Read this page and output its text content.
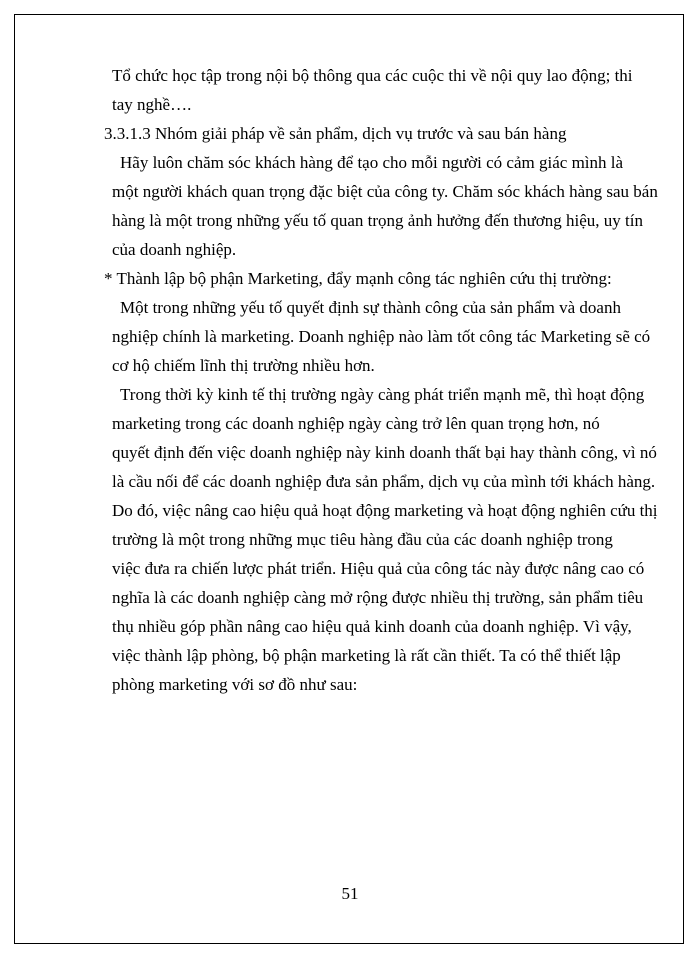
Tổ chức học tập trong nội bộ thông qua các cuộc thi về nội quy lao động; thi
tay nghề….
3.3.1.3 Nhóm giải pháp về sản phẩm, dịch vụ trước và sau bán hàng
Hãy luôn chăm sóc khách hàng để tạo cho mỗi người có cảm giác mình là
một người khách quan trọng đặc biệt của công ty. Chăm sóc khách hàng sau bán
hàng là một trong những yếu tố quan trọng ảnh hưởng đến thương hiệu, uy tín
của doanh nghiệp.
* Thành lập bộ phận Marketing, đẩy mạnh công tác nghiên cứu thị trường:
Một trong những yếu tố quyết định sự thành công của sản phẩm và doanh
nghiệp chính là marketing. Doanh nghiệp nào làm tốt công tác Marketing sẽ có
cơ hộ chiếm lĩnh thị trường nhiều hơn.
Trong thời kỳ kinh tế thị trường ngày càng phát triển mạnh mẽ, thì hoạt động
marketing trong các doanh nghiệp ngày càng trở lên quan trọng hơn, nó
quyết định đến việc doanh nghiệp này kinh doanh thất bại hay thành công, vì nó
là cầu nối để các doanh nghiệp đưa sản phẩm, dịch vụ của mình tới khách hàng.
Do đó, việc nâng cao hiệu quả hoạt động marketing và hoạt động nghiên cứu thị
trường là một trong những mục tiêu hàng đầu của các doanh nghiệp trong
việc đưa ra chiến lược phát triển. Hiệu quả của công tác này được nâng cao có
nghĩa là các doanh nghiệp càng mở rộng được nhiều thị trường, sản phẩm tiêu
thụ nhiều góp phần nâng cao hiệu quả kinh doanh của doanh nghiệp. Vì vậy,
việc thành lập phòng, bộ phận marketing là rất cần thiết. Ta có thể thiết lập
phòng marketing với sơ đồ như sau:
51
